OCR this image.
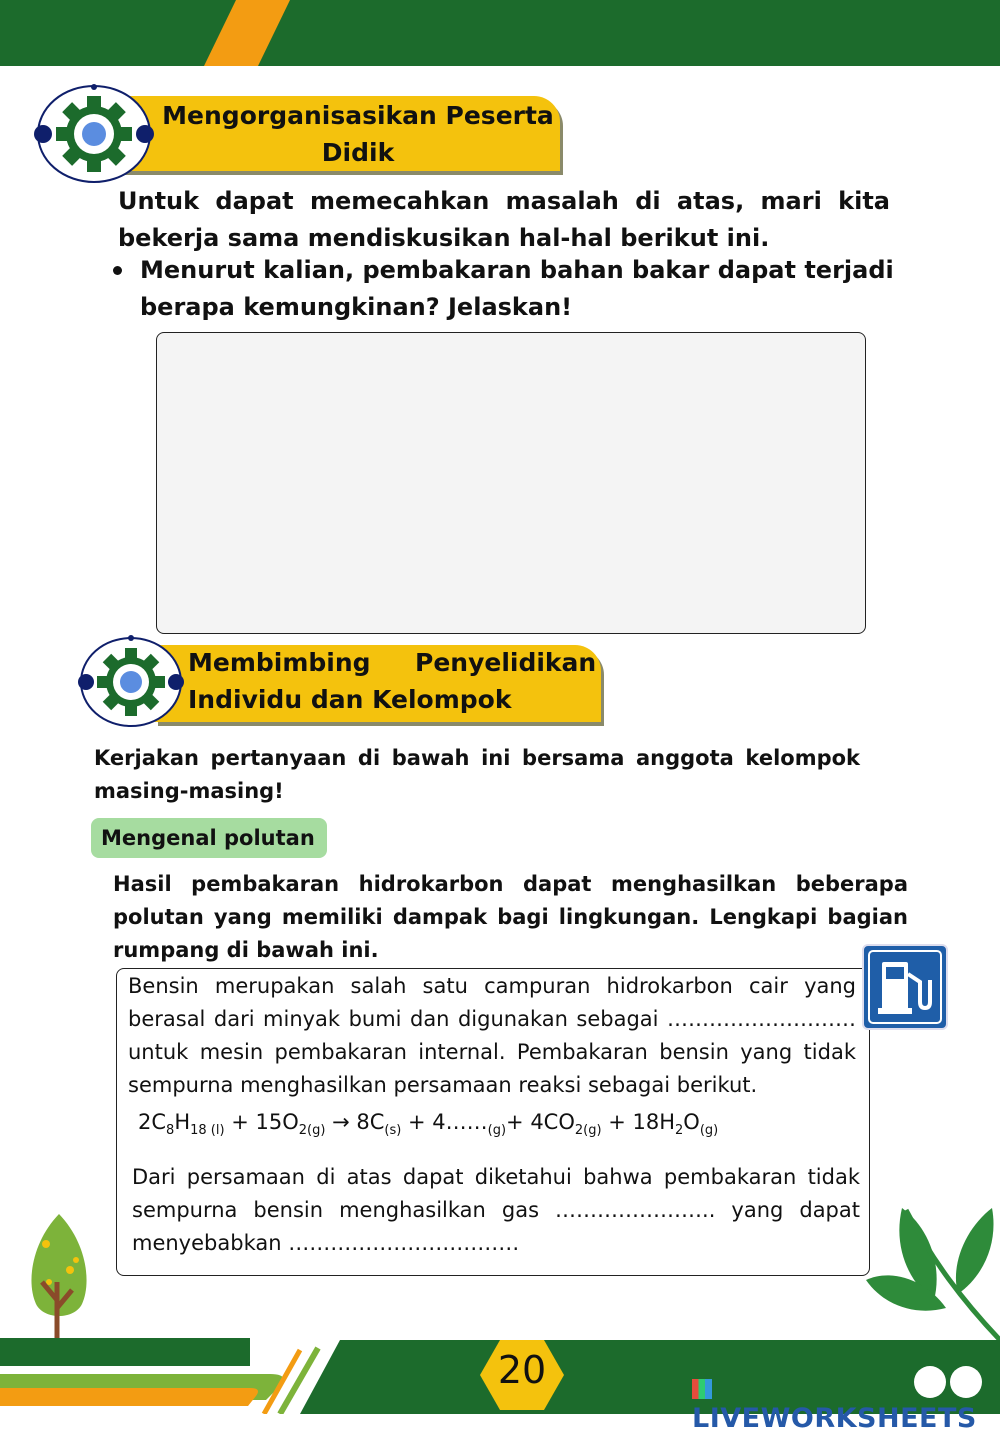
Mengorganisasikan Peserta
Didik
Untuk dapat memecahkan masalah di atas, mari kita
bekerja sama mendiskusikan hal-hal berikut ini.
Menurut kalian, pembakaran bahan bakar dapat terjadi
berapa kemungkinan? Jelaskan!
Membimbing Penyelidikan
Individu dan Kelompok
Kerjakan pertanyaan di bawah ini bersama anggota kelompok
masing-masing!
Mengenal polutan
Hasil pembakaran hidrokarbon dapat menghasilkan beberapa
polutan yang memiliki dampak bagi lingkungan. Lengkapi bagian
rumpang di bawah ini.
Bensin merupakan salah satu campuran hidrokarbon cair yang
berasal dari minyak bumi dan digunakan sebagai ………………………
untuk mesin pembakaran internal. Pembakaran bensin yang tidak
sempurna menghasilkan persamaan reaksi sebagai berikut.
$2C_8H_{18 (l)} + 15O_{2(g)} \to 8C_{(s)}$ + $4\dots\dots_{(g)}+ 4CO_{2(g)} + 18H_2O_{(g)}$
Dari persamaan di atas dapat diketahui bahwa pembakaran tidak
sempurna bensin menghasilkan gas ………………….. yang dapat
menyebabkan ……………………………
20
LIVEWORKSHEETS
